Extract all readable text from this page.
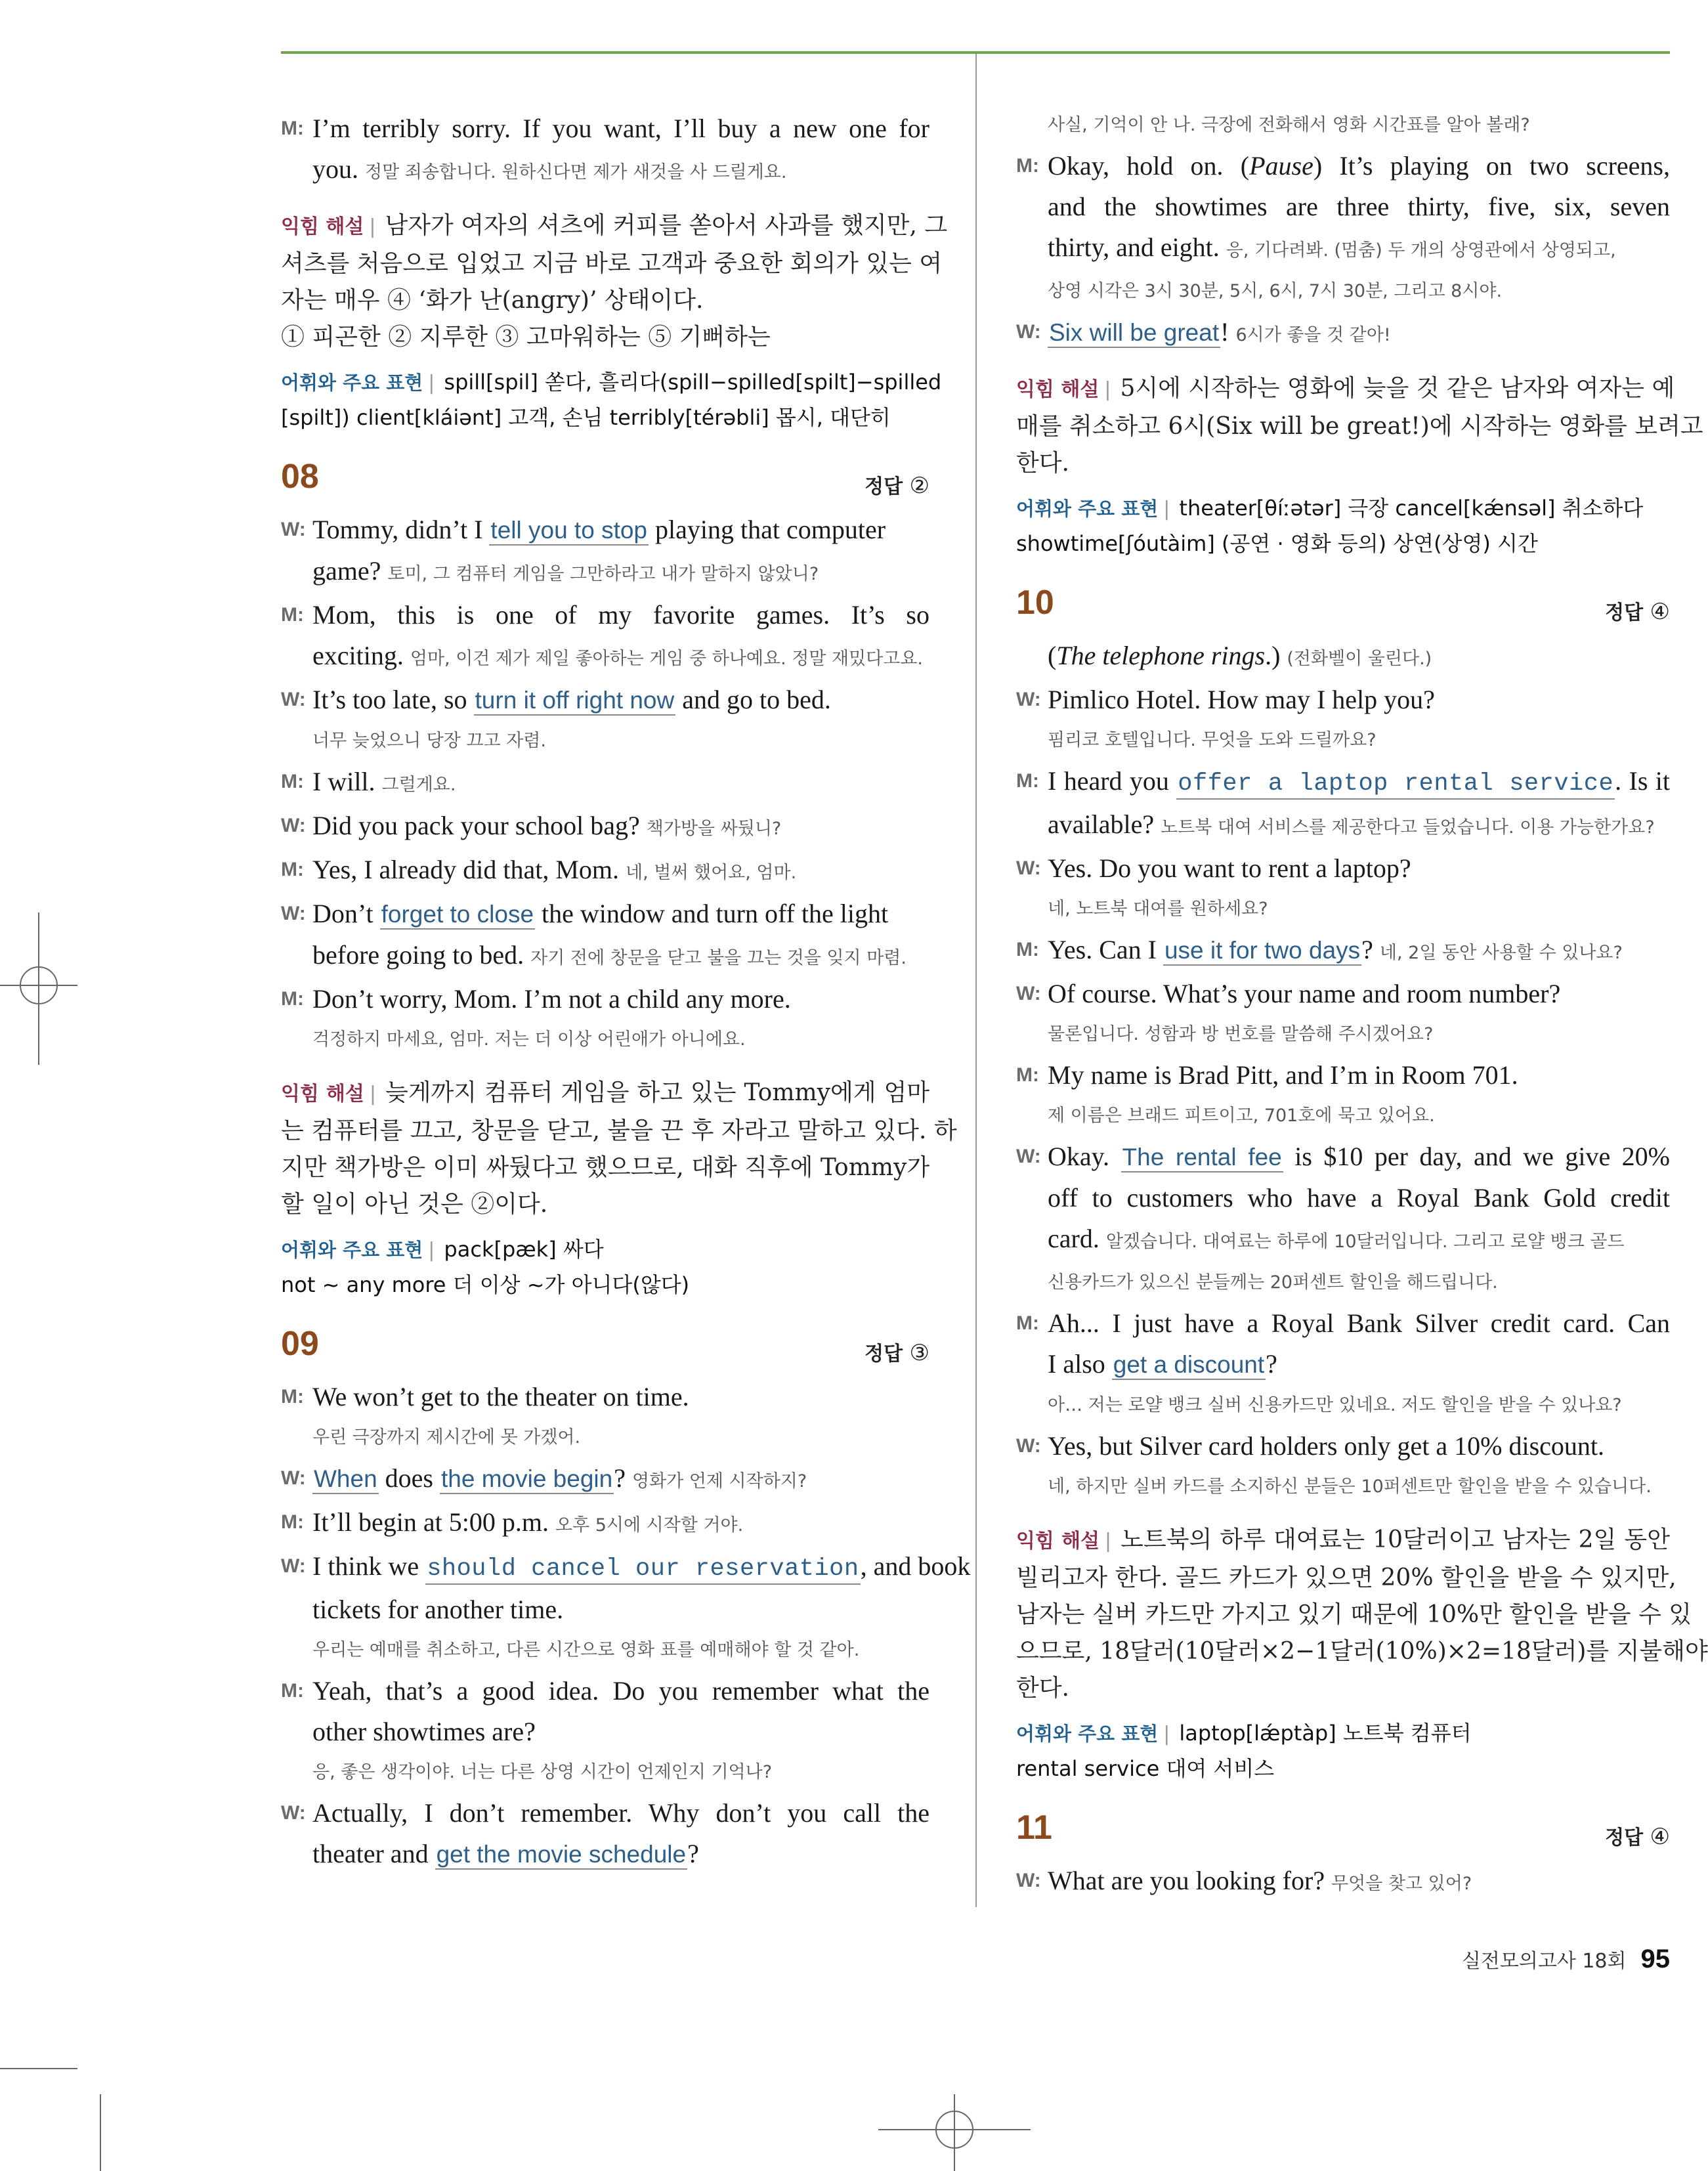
M: I’m terribly sorry. If you want, I’ll buy a new one for
you. 정말 죄송합니다. 원하신다면 제가 새것을 사 드릴게요.
익힘 해설 | 남자가 여자의 셔츠에 커피를 쏟아서 사과를 했지만, 그
셔츠를 처음으로 입었고 지금 바로 고객과 중요한 회의가 있는 여
자는 매우 ④ ‘화가 난(angry)’ 상태이다.
① 피곤한 ② 지루한 ③ 고마워하는 ⑤ 기뻐하는
어휘와 주요 표현 | spill[spil] 쏟다, 흘리다(spill−spilled[spilt]−spilled
[spilt]) client[kláiənt] 고객, 손님 terribly[térəbli] 몹시, 대단히
08	정답 ②
W: Tommy, didn’t I tell you to stop playing that computer
game? 토미, 그 컴퓨터 게임을 그만하라고 내가 말하지 않았니?
M: Mom, this is one of my favorite games. It’s so
exciting. 엄마, 이건 제가 제일 좋아하는 게임 중 하나예요. 정말 재밌다고요.
W: It’s too late, so turn it off right now and go to bed.
너무 늦었으니 당장 끄고 자렴.
M: I will. 그럴게요.
W: Did you pack your school bag? 책가방을 싸뒀니?
M: Yes, I already did that, Mom. 네, 벌써 했어요, 엄마.
W: Don’t forget to close the window and turn off the light
before going to bed. 자기 전에 창문을 닫고 불을 끄는 것을 잊지 마렴.
M: Don’t worry, Mom. I’m not a child any more.
걱정하지 마세요, 엄마. 저는 더 이상 어린애가 아니에요.
익힘 해설 | 늦게까지 컴퓨터 게임을 하고 있는 Tommy에게 엄마
는 컴퓨터를 끄고, 창문을 닫고, 불을 끈 후 자라고 말하고 있다. 하
지만 책가방은 이미 싸뒀다고 했으므로, 대화 직후에 Tommy가
할 일이 아닌 것은 ②이다.
어휘와 주요 표현 | pack[pæk] 싸다
not ~ any more 더 이상 ~가 아니다(않다)
09	정답 ③
M: We won’t get to the theater on time.
우린 극장까지 제시간에 못 가겠어.
W: When does the movie begin? 영화가 언제 시작하지?
M: It’ll begin at 5:00 p.m. 오후 5시에 시작할 거야.
W: I think we should cancel our reservation, and book
tickets for another time.
우리는 예매를 취소하고, 다른 시간으로 영화 표를 예매해야 할 것 같아.
M: Yeah, that’s a good idea. Do you remember what the
other showtimes are?
응, 좋은 생각이야. 너는 다른 상영 시간이 언제인지 기억나?
W: Actually, I don’t remember. Why don’t you call the
theater and get the movie schedule?
사실, 기억이 안 나. 극장에 전화해서 영화 시간표를 알아 볼래?
M: Okay, hold on. (Pause) It’s playing on two screens,
and the showtimes are three thirty, five, six, seven
thirty, and eight. 응, 기다려봐. (멈춤) 두 개의 상영관에서 상영되고,
상영 시각은 3시 30분, 5시, 6시, 7시 30분, 그리고 8시야.
W: Six will be great! 6시가 좋을 것 같아!
익힘 해설 | 5시에 시작하는 영화에 늦을 것 같은 남자와 여자는 예
매를 취소하고 6시(Six will be great!)에 시작하는 영화를 보려고
한다.
어휘와 주요 표현 | theater[θíːətər] 극장 cancel[kǽnsəl] 취소하다
showtime[ʃóutàim] (공연 · 영화 등의) 상연(상영) 시간
10	정답 ④
(The telephone rings.) (전화벨이 울린다.)
W: Pimlico Hotel. How may I help you?
핌리코 호텔입니다. 무엇을 도와 드릴까요?
M: I heard you offer a laptop rental service. Is it
available? 노트북 대여 서비스를 제공한다고 들었습니다. 이용 가능한가요?
W: Yes. Do you want to rent a laptop?
네, 노트북 대여를 원하세요?
M: Yes. Can I use it for two days? 네, 2일 동안 사용할 수 있나요?
W: Of course. What’s your name and room number?
물론입니다. 성함과 방 번호를 말씀해 주시겠어요?
M: My name is Brad Pitt, and I’m in Room 701.
제 이름은 브래드 피트이고, 701호에 묵고 있어요.
W: Okay. The rental fee is $10 per day, and we give 20%
off to customers who have a Royal Bank Gold credit
card. 알겠습니다. 대여료는 하루에 10달러입니다. 그리고 로얄 뱅크 골드
신용카드가 있으신 분들께는 20퍼센트 할인을 해드립니다.
M: Ah... I just have a Royal Bank Silver credit card. Can
I also get a discount?
아… 저는 로얄 뱅크 실버 신용카드만 있네요. 저도 할인을 받을 수 있나요?
W: Yes, but Silver card holders only get a 10% discount.
네, 하지만 실버 카드를 소지하신 분들은 10퍼센트만 할인을 받을 수 있습니다.
익힘 해설 | 노트북의 하루 대여료는 10달러이고 남자는 2일 동안
빌리고자 한다. 골드 카드가 있으면 20% 할인을 받을 수 있지만,
남자는 실버 카드만 가지고 있기 때문에 10%만 할인을 받을 수 있
으므로, 18달러(10달러×2−1달러(10%)×2=18달러)를 지불해야
한다.
어휘와 주요 표현 | laptop[lǽptàp] 노트북 컴퓨터
rental service 대여 서비스
11	정답 ④
W: What are you looking for? 무엇을 찾고 있어?
실전모의고사 18회 95
